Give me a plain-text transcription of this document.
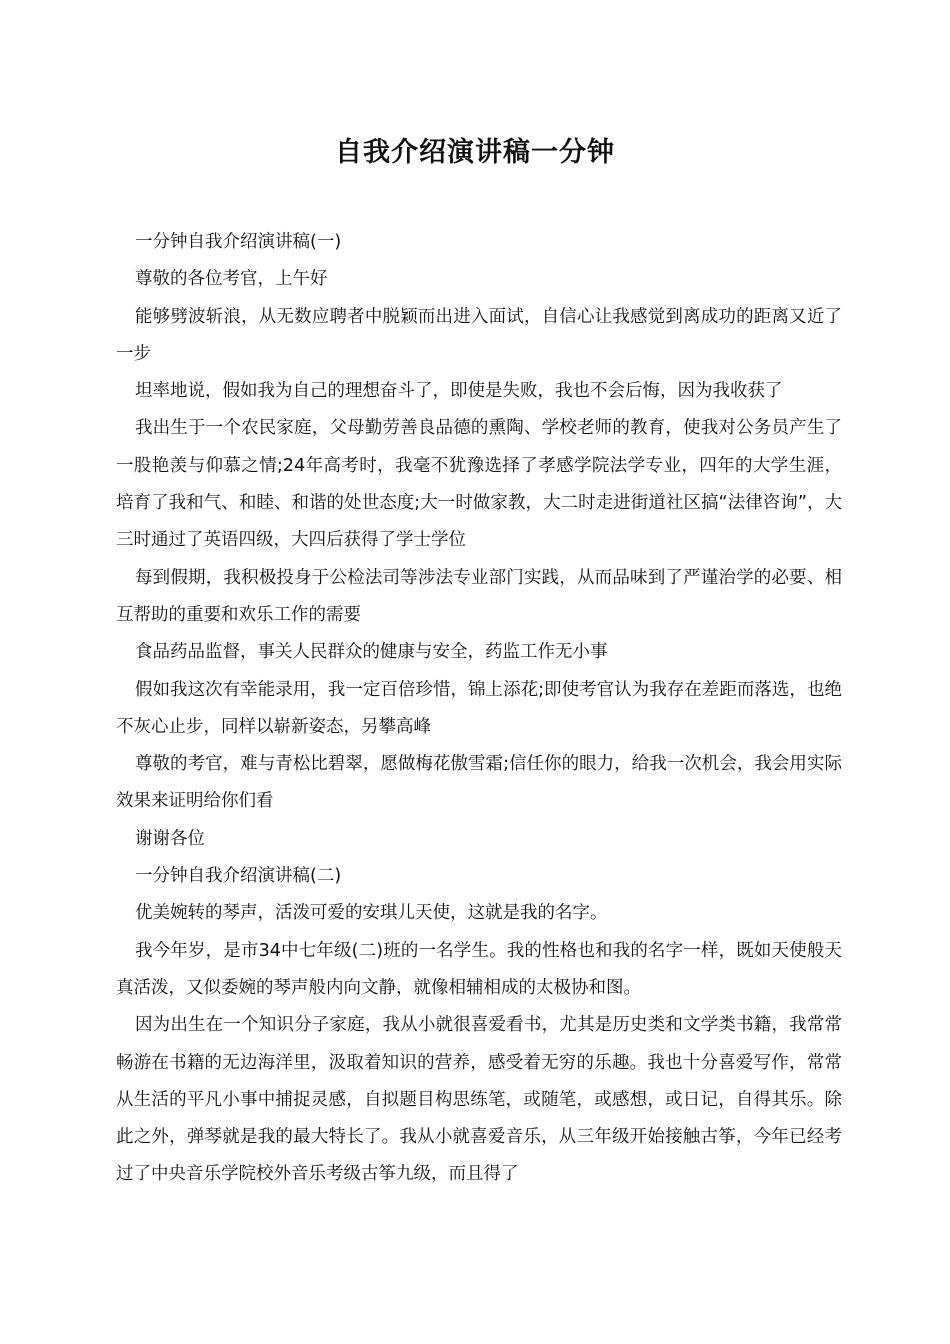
自我介绍演讲稿一分钟

一分钟自我介绍演讲稿(一)

尊敬的各位考官，上午好

能够劈波斩浪，从无数应聘者中脱颖而出进入面试，自信心让我感觉到离成功的距离又近了一步

坦率地说，假如我为自己的理想奋斗了，即使是失败，我也不会后悔，因为我收获了

我出生于一个农民家庭，父母勤劳善良品德的熏陶、学校老师的教育，使我对公务员产生了一股艳羡与仰慕之情;24年高考时，我毫不犹豫选择了孝感学院法学专业，四年的大学生涯，培育了我和气、和睦、和谐的处世态度;大一时做家教，大二时走进街道社区搞“法律咨询”，大三时通过了英语四级，大四后获得了学士学位

每到假期，我积极投身于公检法司等涉法专业部门实践，从而品味到了严谨治学的必要、相互帮助的重要和欢乐工作的需要

食品药品监督，事关人民群众的健康与安全，药监工作无小事

假如我这次有幸能录用，我一定百倍珍惜，锦上添花;即使考官认为我存在差距而落选，也绝不灰心止步，同样以崭新姿态，另攀高峰

尊敬的考官，难与青松比碧翠，愿做梅花傲雪霜;信任你的眼力，给我一次机会，我会用实际效果来证明给你们看

谢谢各位

一分钟自我介绍演讲稿(二)

优美婉转的琴声，活泼可爱的安琪儿天使，这就是我的名字。

我今年岁，是市34中七年级(二)班的一名学生。我的性格也和我的名字一样，既如天使般天真活泼，又似委婉的琴声般内向文静，就像相辅相成的太极协和图。

因为出生在一个知识分子家庭，我从小就很喜爱看书，尤其是历史类和文学类书籍，我常常畅游在书籍的无边海洋里，汲取着知识的营养，感受着无穷的乐趣。我也十分喜爱写作，常常从生活的平凡小事中捕捉灵感，自拟题目构思练笔，或随笔，或感想，或日记，自得其乐。除此之外，弹琴就是我的最大特长了。我从小就喜爱音乐，从三年级开始接触古筝，今年已经考过了中央音乐学院校外音乐考级古筝九级，而且得了
